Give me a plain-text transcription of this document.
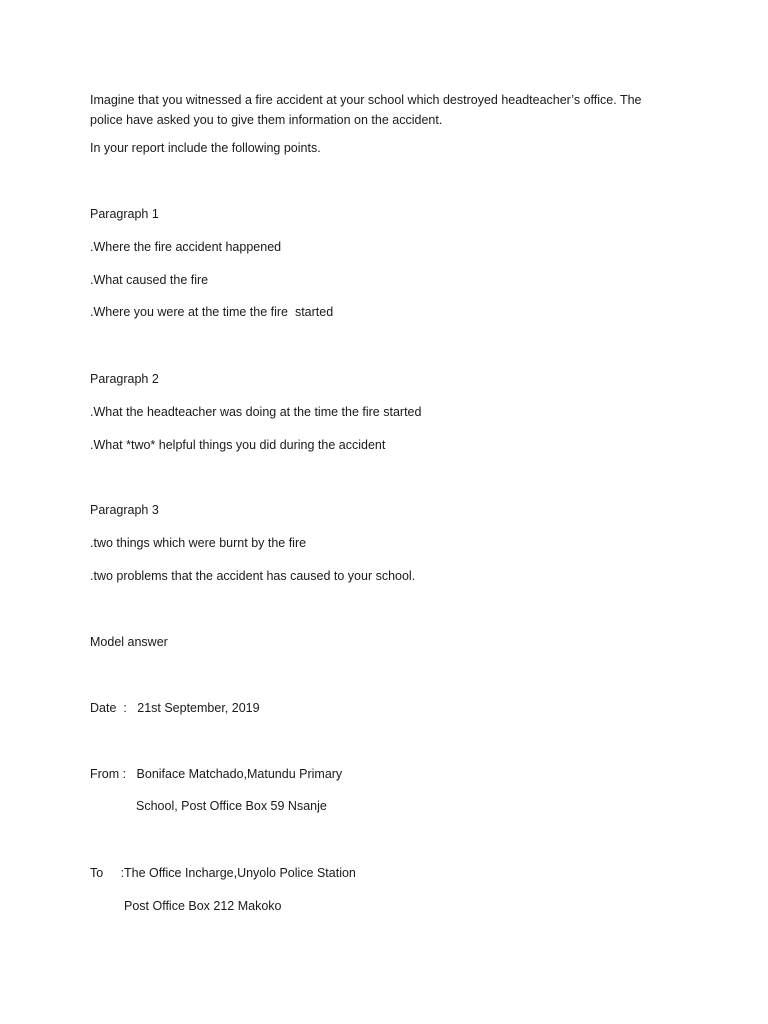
Imagine that you witnessed a fire accident at your school which destroyed headteacher’s office. The police have asked you to give them information on the accident.
In your report include the following points.
Paragraph 1
.Where the fire accident happened
.What caused the fire
.Where you were at the time the fire  started
Paragraph 2
.What the headteacher was doing at the time the fire started
.What *two* helpful things you did during the accident
Paragraph 3
.two things which were burnt by the fire
.two problems that the accident has caused to your school.
Model answer
Date  :   21st September, 2019
From :   Boniface Matchado,Matundu Primary
School, Post Office Box 59 Nsanje
To     :The Office Incharge,Unyolo Police Station
Post Office Box 212 Makoko
